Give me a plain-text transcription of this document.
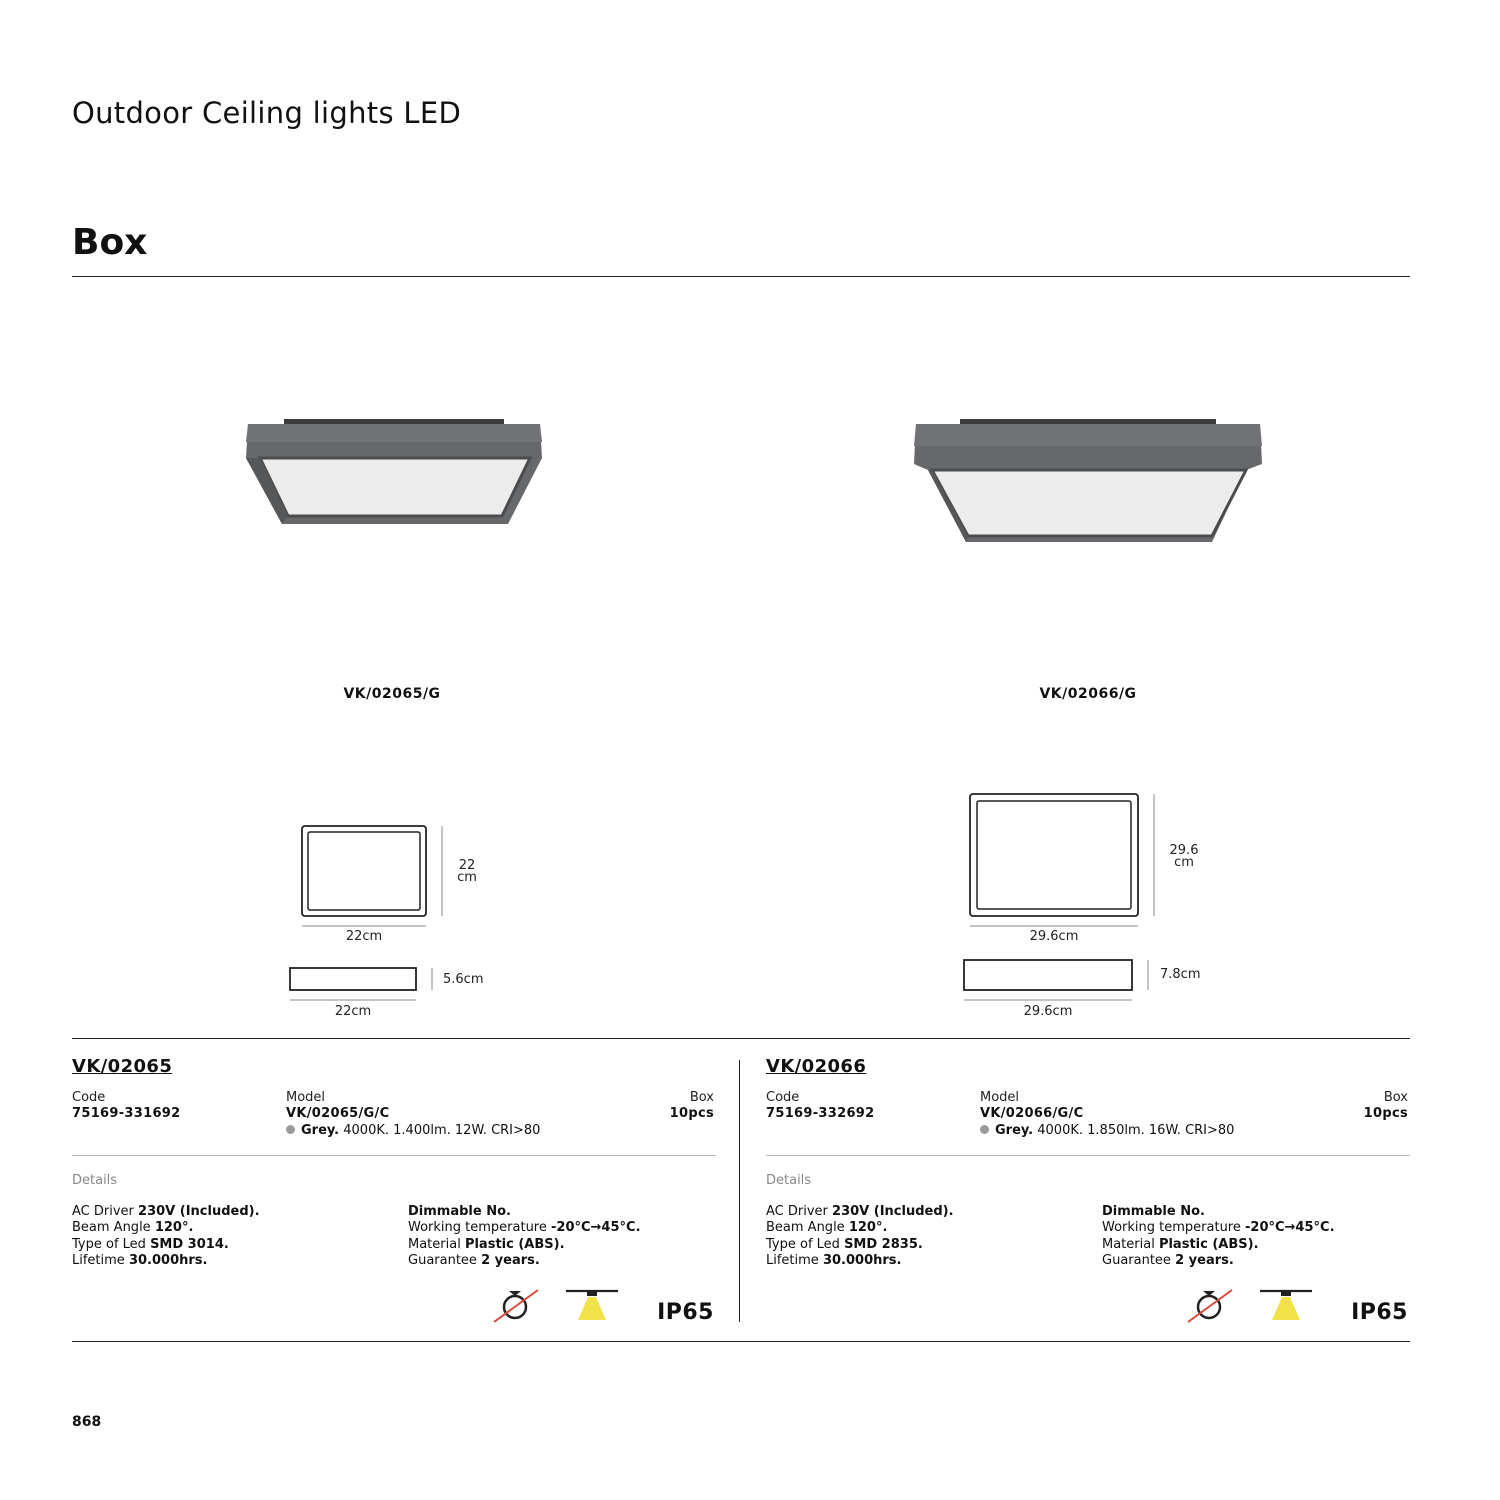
Outdoor Ceiling lights LED
Box
VK/02065/G	VK/02066/G
22
cm
22cm
5.6cm
22cm
29.6
cm
29.6cm
7.8cm
29.6cm
VK/02065
Code
75169-331692
Model
VK/02065/G/C
Grey. 4000K. 1.400lm. 12W. CRI>80
Box
10pcs
Details
AC Driver 230V (Included).
Beam Angle 120°.
Type of Led SMD 3014.
Lifetime 30.000hrs.
Dimmable No.
Working temperature -20°C→45°C.
Material Plastic (ABS).
Guarantee 2 years.
IP65
VK/02066
Code
75169-332692
Model
VK/02066/G/C
Grey. 4000K. 1.850lm. 16W. CRI>80
Box
10pcs
Details
AC Driver 230V (Included).
Beam Angle 120°.
Type of Led SMD 2835.
Lifetime 30.000hrs.
Dimmable No.
Working temperature -20°C→45°C.
Material Plastic (ABS).
Guarantee 2 years.
IP65
868
